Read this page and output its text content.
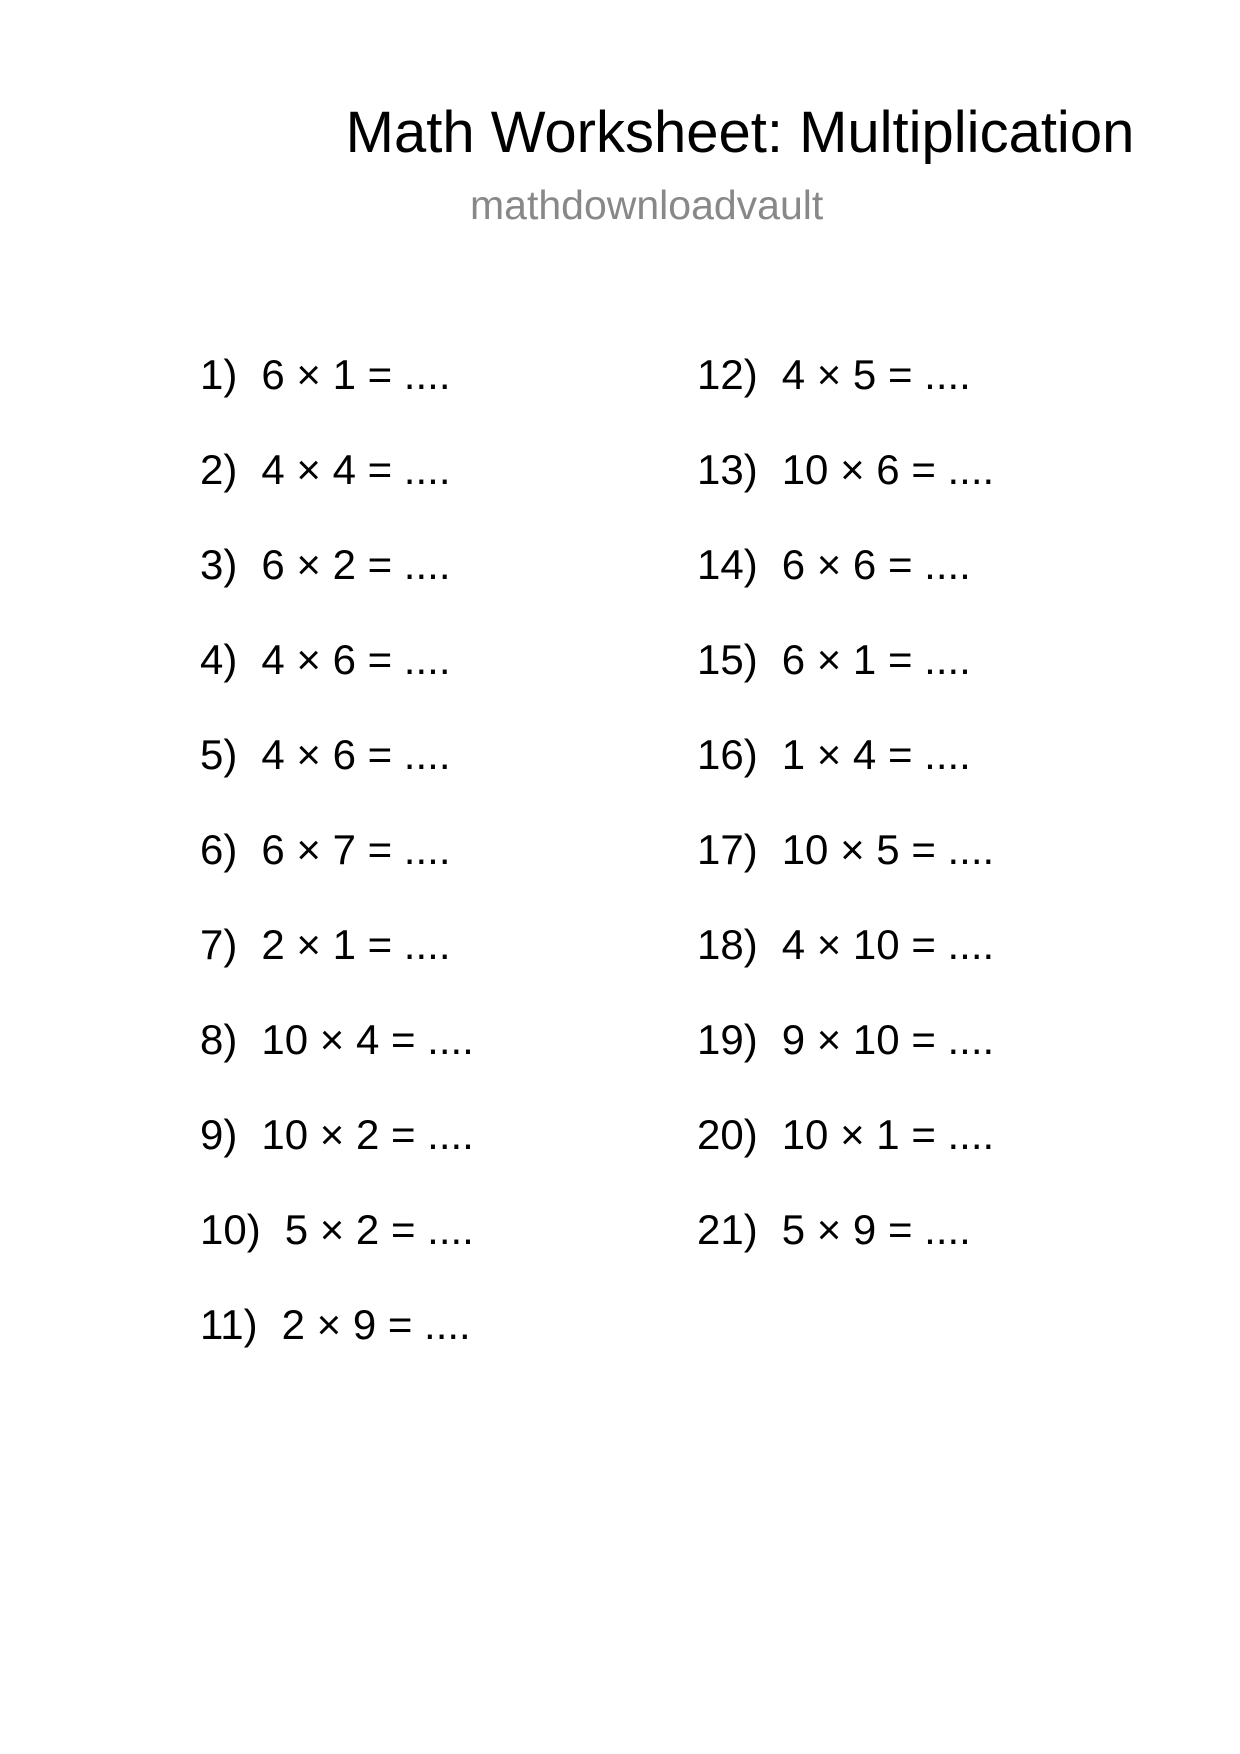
Math Worksheet: Multiplication
mathdownloadvault
1) 6 × 1 = ....
2) 4 × 4 = ....
3) 6 × 2 = ....
4) 4 × 6 = ....
5) 4 × 6 = ....
6) 6 × 7 = ....
7) 2 × 1 = ....
8) 10 × 4 = ....
9) 10 × 2 = ....
10) 5 × 2 = ....
11) 2 × 9 = ....
12) 4 × 5 = ....
13) 10 × 6 = ....
14) 6 × 6 = ....
15) 6 × 1 = ....
16) 1 × 4 = ....
17) 10 × 5 = ....
18) 4 × 10 = ....
19) 9 × 10 = ....
20) 10 × 1 = ....
21) 5 × 9 = ....
